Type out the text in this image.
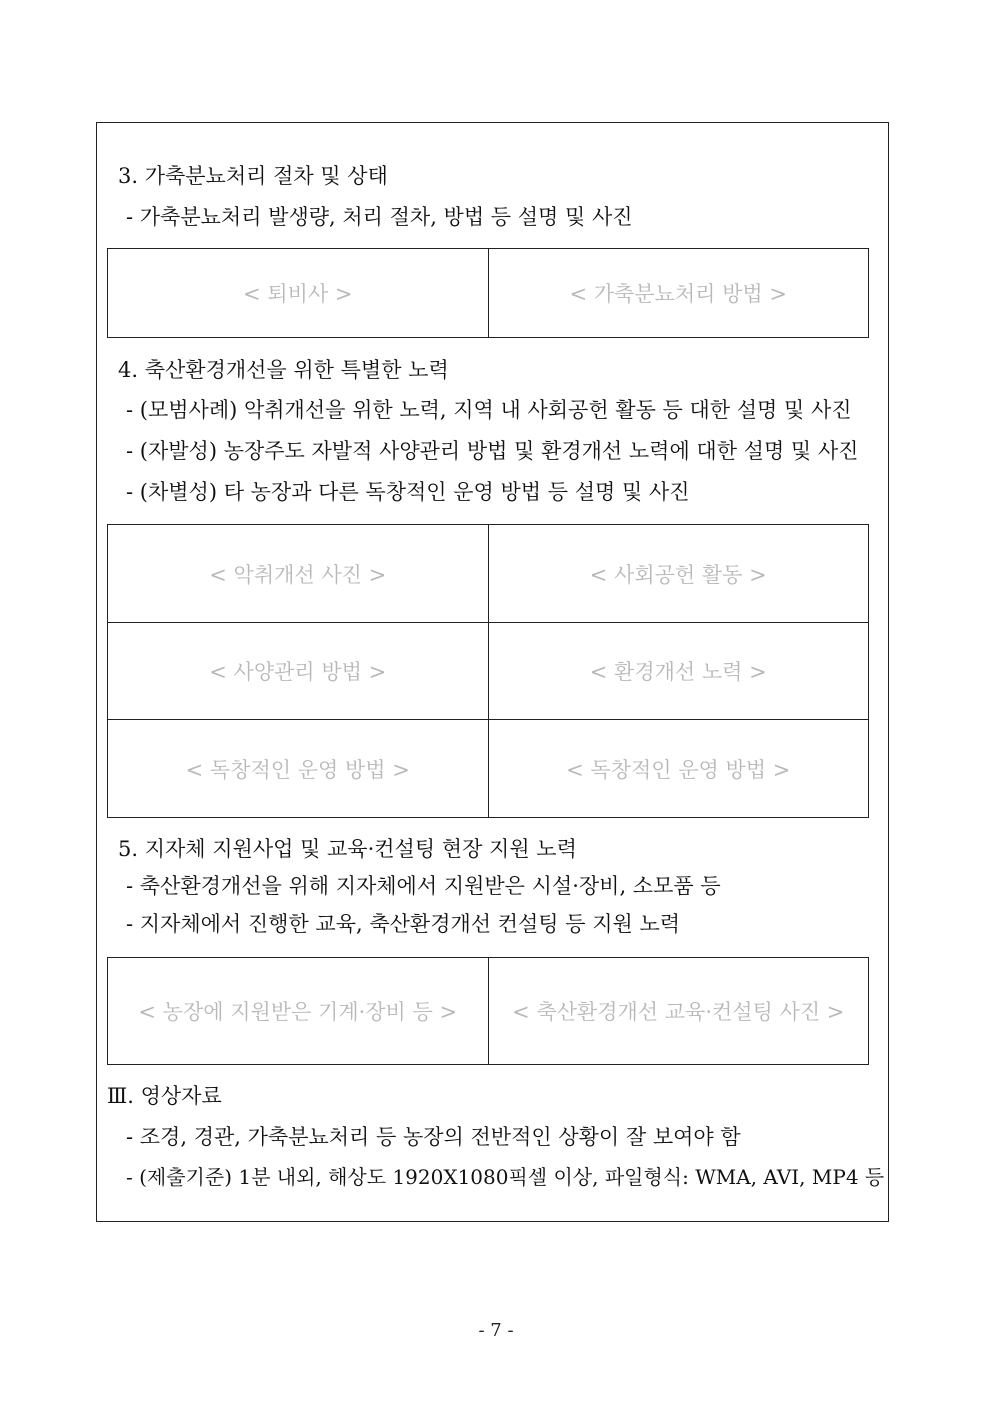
3. 가축분뇨처리 절차 및 상태
- 가축분뇨처리 발생량, 처리 절차, 방법 등 설명 및 사진
< 퇴비사 >	< 가축분뇨처리 방법 >
4. 축산환경개선을 위한 특별한 노력
- (모범사례) 악취개선을 위한 노력, 지역 내 사회공헌 활동 등 대한 설명 및 사진
- (자발성) 농장주도 자발적 사양관리 방법 및 환경개선 노력에 대한 설명 및 사진
- (차별성) 타 농장과 다른 독창적인 운영 방법 등 설명 및 사진
< 악취개선 사진 >	< 사회공헌 활동 >
< 사양관리 방법 >	< 환경개선 노력 >
< 독창적인 운영 방법 >	< 독창적인 운영 방법 >
5. 지자체 지원사업 및 교육·컨설팅 현장 지원 노력
- 축산환경개선을 위해 지자체에서 지원받은 시설·장비, 소모품 등
- 지자체에서 진행한 교육, 축산환경개선 컨설팅 등 지원 노력
< 농장에 지원받은 기계·장비 등 >	< 축산환경개선 교육·컨설팅 사진 >
Ⅲ. 영상자료
- 조경, 경관, 가축분뇨처리 등 농장의 전반적인 상황이 잘 보여야 함
- (제출기준) 1분 내외, 해상도 1920X1080픽셀 이상, 파일형식: WMA, AVI, MP4 등
- 7 -
